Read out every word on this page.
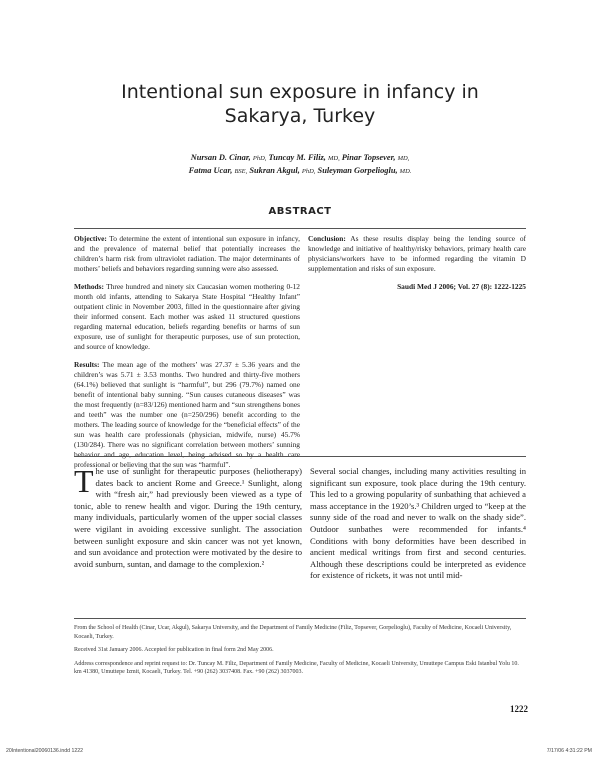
Intentional sun exposure in infancy in Sakarya, Turkey
Nursan D. Cinar, PhD, Tuncay M. Filiz, MD, Pinar Topsever, MD,
Fatma Ucar, BSE, Sukran Akgul, PhD, Suleyman Gorpelioglu, MD.
ABSTRACT

Objective: To determine the extent of intentional sun exposure in infancy, and the prevalence of maternal belief that potentially increases the children’s harm risk from ultraviolet radiation. The major determinants of mothers’ beliefs and behaviors regarding sunning were also assessed.

Methods: Three hundred and ninety six Caucasian women mothering 0-12 month old infants, attending to Sakarya State Hospital “Healthy Infant” outpatient clinic in November 2003, filled in the questionnaire after giving their informed consent. Each mother was asked 11 structured questions regarding maternal education, beliefs regarding benefits or harms of sun exposure, use of sunlight for therapeutic purposes, use of sun protection, and source of knowledge.

Results: The mean age of the mothers’ was 27.37 ± 5.36 years and the children’s was 5.71 ± 3.53 months. Two hundred and thirty-five mothers (64.1%) believed that sunlight is “harmful”, but 296 (79.7%) named one benefit of intentional baby sunning. “Sun causes cutaneous diseases” was the most frequently (n=83/126) mentioned harm and “sun strengthens bones and teeth” was the number one (n=250/296) benefit according to the mothers. The leading source of knowledge for the “beneficial effects” of the sun was health care professionals (physician, midwife, nurse) 45.7% (130/284). There was no significant correlation between mothers’ sunning behavior and age, education level, being advised so by a health care professional or believing that the sun was “harmful”.

Conclusion: As these results display being the lending source of knowledge and initiative of healthy/risky behaviors, primary health care physicians/workers have to be informed regarding the vitamin D supplementation and risks of sun exposure.

Saudi Med J 2006; Vol. 27 (8): 1222-1225
T he use of sunlight for therapeutic purposes (heliotherapy) dates back to ancient Rome and Greece.¹ Sunlight, along with “fresh air,” had previously been viewed as a type of tonic, able to renew health and vigor. During the 19th century, many individuals, particularly women of the upper social classes were vigilant in avoiding excessive sunlight. The association between sunlight exposure and skin cancer was not yet known, and sun avoidance and protection were motivated by the desire to avoid sunburn, suntan, and damage to the complexion.²
Several social changes, including many activities resulting in significant sun exposure, took place during the 19th century. This led to a growing popularity of sunbathing that achieved a mass acceptance in the 1920’s.³ Children urged to “keep at the sunny side of the road and never to walk on the shady side”. Outdoor sunbathes were recommended for infants.⁴ Conditions with bony deformities have been described in ancient medical writings from first and second centuries. Although these descriptions could be interpreted as evidence for existence of rickets, it was not until mid-

From the School of Health (Cinar, Ucar, Akgul), Sakarya University, and the Department of Family Medicine (Filiz, Topsever, Gorpelioglu), Faculty of Medicine, Kocaeli University, Kocaeli, Turkey.

Received 31st January 2006. Accepted for publication in final form 2nd May 2006.

Address correspondence and reprint request to: Dr. Tuncay M. Filiz, Department of Family Medicine, Faculty of Medicine, Kocaeli University, Umuttepe Campus Eski Istanbul Yolu 10. km 41380, Umuttepe Izmit, Kocaeli, Turkey. Tel. +90 (262) 3037408. Fax. +90 (262) 3037003.

1222
20Intentional20060136.indd 1222	7/17/06 4:31:22 PM
